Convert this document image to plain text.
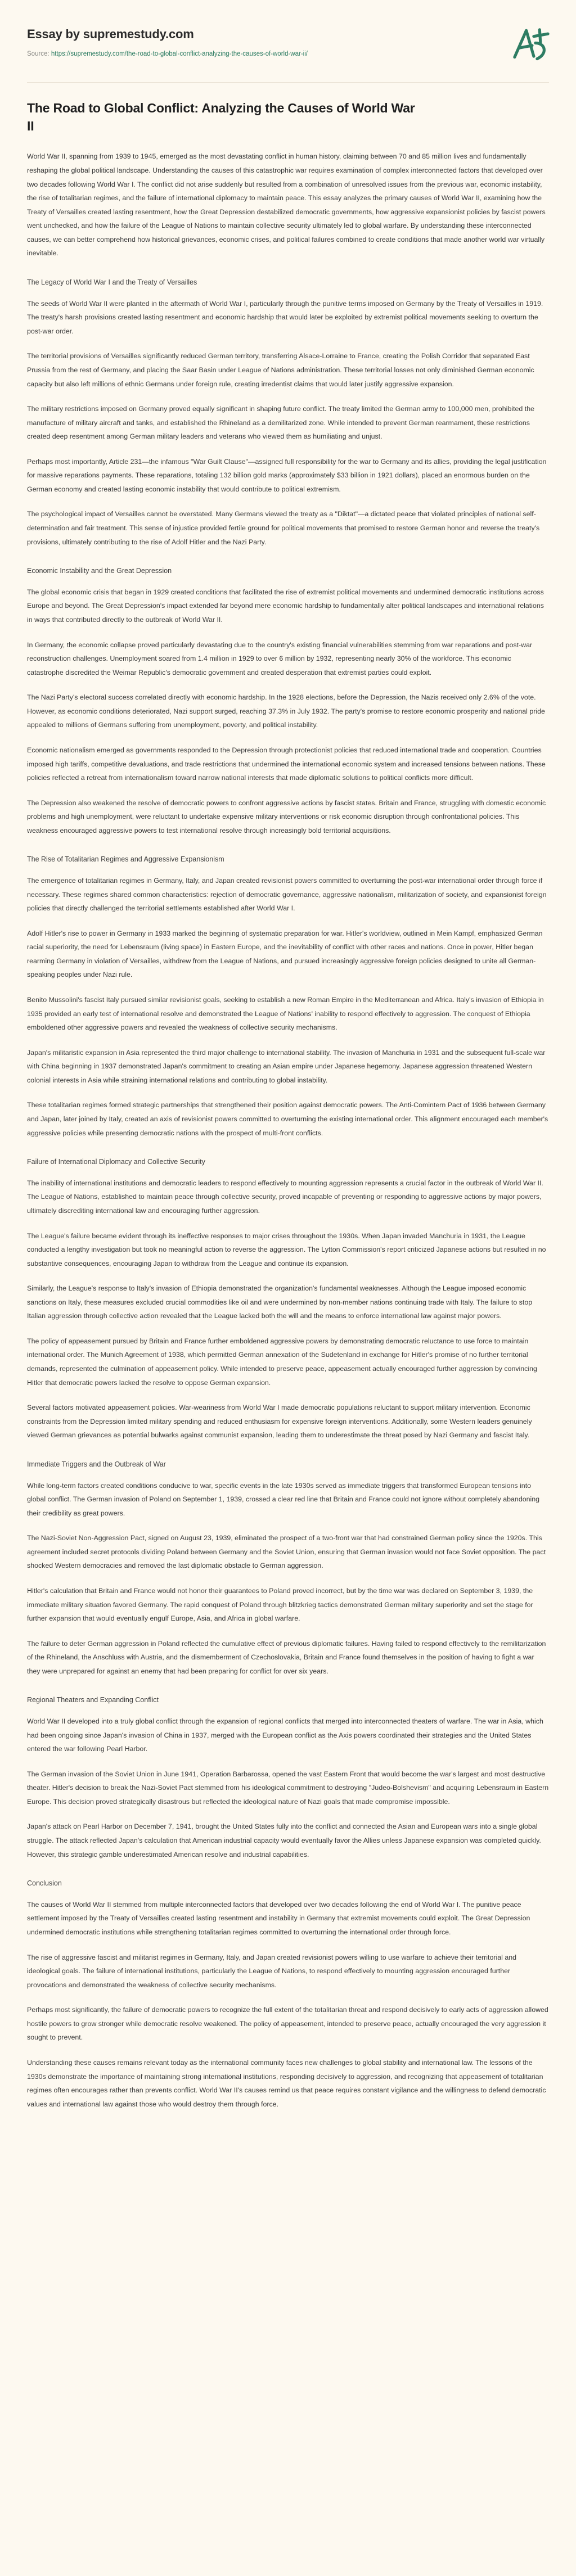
Essay by supremestudy.com
Source: https://supremestudy.com/the-road-to-global-conflict-analyzing-the-causes-of-world-war-ii/
The Road to Global Conflict: Analyzing the Causes of World War II

World War II, spanning from 1939 to 1945, emerged as the most devastating conflict in human history, claiming between 70 and 85 million lives and fundamentally reshaping the global political landscape. Understanding the causes of this catastrophic war requires examination of complex interconnected factors that developed over two decades following World War I. The conflict did not arise suddenly but resulted from a combination of unresolved issues from the previous war, economic instability, the rise of totalitarian regimes, and the failure of international diplomacy to maintain peace. This essay analyzes the primary causes of World War II, examining how the Treaty of Versailles created lasting resentment, how the Great Depression destabilized democratic governments, how aggressive expansionist policies by fascist powers went unchecked, and how the failure of the League of Nations to maintain collective security ultimately led to global warfare. By understanding these interconnected causes, we can better comprehend how historical grievances, economic crises, and political failures combined to create conditions that made another world war virtually inevitable.

The Legacy of World War I and the Treaty of Versailles

The seeds of World War II were planted in the aftermath of World War I, particularly through the punitive terms imposed on Germany by the Treaty of Versailles in 1919. The treaty's harsh provisions created lasting resentment and economic hardship that would later be exploited by extremist political movements seeking to overturn the post-war order.

The territorial provisions of Versailles significantly reduced German territory, transferring Alsace-Lorraine to France, creating the Polish Corridor that separated East Prussia from the rest of Germany, and placing the Saar Basin under League of Nations administration. These territorial losses not only diminished German economic capacity but also left millions of ethnic Germans under foreign rule, creating irredentist claims that would later justify aggressive expansion.

The military restrictions imposed on Germany proved equally significant in shaping future conflict. The treaty limited the German army to 100,000 men, prohibited the manufacture of military aircraft and tanks, and established the Rhineland as a demilitarized zone. While intended to prevent German rearmament, these restrictions created deep resentment among German military leaders and veterans who viewed them as humiliating and unjust.

Perhaps most importantly, Article 231—the infamous "War Guilt Clause"—assigned full responsibility for the war to Germany and its allies, providing the legal justification for massive reparations payments. These reparations, totaling 132 billion gold marks (approximately $33 billion in 1921 dollars), placed an enormous burden on the German economy and created lasting economic instability that would contribute to political extremism.

The psychological impact of Versailles cannot be overstated. Many Germans viewed the treaty as a "Diktat"—a dictated peace that violated principles of national self-determination and fair treatment. This sense of injustice provided fertile ground for political movements that promised to restore German honor and reverse the treaty's provisions, ultimately contributing to the rise of Adolf Hitler and the Nazi Party.

Economic Instability and the Great Depression

The global economic crisis that began in 1929 created conditions that facilitated the rise of extremist political movements and undermined democratic institutions across Europe and beyond. The Great Depression's impact extended far beyond mere economic hardship to fundamentally alter political landscapes and international relations in ways that contributed directly to the outbreak of World War II.

In Germany, the economic collapse proved particularly devastating due to the country's existing financial vulnerabilities stemming from war reparations and post-war reconstruction challenges. Unemployment soared from 1.4 million in 1929 to over 6 million by 1932, representing nearly 30% of the workforce. This economic catastrophe discredited the Weimar Republic's democratic government and created desperation that extremist parties could exploit.

The Nazi Party's electoral success correlated directly with economic hardship. In the 1928 elections, before the Depression, the Nazis received only 2.6% of the vote. However, as economic conditions deteriorated, Nazi support surged, reaching 37.3% in July 1932. The party's promise to restore economic prosperity and national pride appealed to millions of Germans suffering from unemployment, poverty, and political instability.

Economic nationalism emerged as governments responded to the Depression through protectionist policies that reduced international trade and cooperation. Countries imposed high tariffs, competitive devaluations, and trade restrictions that undermined the international economic system and increased tensions between nations. These policies reflected a retreat from internationalism toward narrow national interests that made diplomatic solutions to political conflicts more difficult.

The Depression also weakened the resolve of democratic powers to confront aggressive actions by fascist states. Britain and France, struggling with domestic economic problems and high unemployment, were reluctant to undertake expensive military interventions or risk economic disruption through confrontational policies. This weakness encouraged aggressive powers to test international resolve through increasingly bold territorial acquisitions.

The Rise of Totalitarian Regimes and Aggressive Expansionism

The emergence of totalitarian regimes in Germany, Italy, and Japan created revisionist powers committed to overturning the post-war international order through force if necessary. These regimes shared common characteristics: rejection of democratic governance, aggressive nationalism, militarization of society, and expansionist foreign policies that directly challenged the territorial settlements established after World War I.

Adolf Hitler's rise to power in Germany in 1933 marked the beginning of systematic preparation for war. Hitler's worldview, outlined in Mein Kampf, emphasized German racial superiority, the need for Lebensraum (living space) in Eastern Europe, and the inevitability of conflict with other races and nations. Once in power, Hitler began rearming Germany in violation of Versailles, withdrew from the League of Nations, and pursued increasingly aggressive foreign policies designed to unite all German-speaking peoples under Nazi rule.

Benito Mussolini's fascist Italy pursued similar revisionist goals, seeking to establish a new Roman Empire in the Mediterranean and Africa. Italy's invasion of Ethiopia in 1935 provided an early test of international resolve and demonstrated the League of Nations' inability to respond effectively to aggression. The conquest of Ethiopia emboldened other aggressive powers and revealed the weakness of collective security mechanisms.

Japan's militaristic expansion in Asia represented the third major challenge to international stability. The invasion of Manchuria in 1931 and the subsequent full-scale war with China beginning in 1937 demonstrated Japan's commitment to creating an Asian empire under Japanese hegemony. Japanese aggression threatened Western colonial interests in Asia while straining international relations and contributing to global instability.

These totalitarian regimes formed strategic partnerships that strengthened their position against democratic powers. The Anti-Comintern Pact of 1936 between Germany and Japan, later joined by Italy, created an axis of revisionist powers committed to overturning the existing international order. This alignment encouraged each member's aggressive policies while presenting democratic nations with the prospect of multi-front conflicts.

Failure of International Diplomacy and Collective Security

The inability of international institutions and democratic leaders to respond effectively to mounting aggression represents a crucial factor in the outbreak of World War II. The League of Nations, established to maintain peace through collective security, proved incapable of preventing or responding to aggressive actions by major powers, ultimately discrediting international law and encouraging further aggression.

The League's failure became evident through its ineffective responses to major crises throughout the 1930s. When Japan invaded Manchuria in 1931, the League conducted a lengthy investigation but took no meaningful action to reverse the aggression. The Lytton Commission's report criticized Japanese actions but resulted in no substantive consequences, encouraging Japan to withdraw from the League and continue its expansion.

Similarly, the League's response to Italy's invasion of Ethiopia demonstrated the organization's fundamental weaknesses. Although the League imposed economic sanctions on Italy, these measures excluded crucial commodities like oil and were undermined by non-member nations continuing trade with Italy. The failure to stop Italian aggression through collective action revealed that the League lacked both the will and the means to enforce international law against major powers.

The policy of appeasement pursued by Britain and France further emboldened aggressive powers by demonstrating democratic reluctance to use force to maintain international order. The Munich Agreement of 1938, which permitted German annexation of the Sudetenland in exchange for Hitler's promise of no further territorial demands, represented the culmination of appeasement policy. While intended to preserve peace, appeasement actually encouraged further aggression by convincing Hitler that democratic powers lacked the resolve to oppose German expansion.

Several factors motivated appeasement policies. War-weariness from World War I made democratic populations reluctant to support military intervention. Economic constraints from the Depression limited military spending and reduced enthusiasm for expensive foreign interventions. Additionally, some Western leaders genuinely viewed German grievances as potential bulwarks against communist expansion, leading them to underestimate the threat posed by Nazi Germany and fascist Italy.

Immediate Triggers and the Outbreak of War

While long-term factors created conditions conducive to war, specific events in the late 1930s served as immediate triggers that transformed European tensions into global conflict. The German invasion of Poland on September 1, 1939, crossed a clear red line that Britain and France could not ignore without completely abandoning their credibility as great powers.

The Nazi-Soviet Non-Aggression Pact, signed on August 23, 1939, eliminated the prospect of a two-front war that had constrained German policy since the 1920s. This agreement included secret protocols dividing Poland between Germany and the Soviet Union, ensuring that German invasion would not face Soviet opposition. The pact shocked Western democracies and removed the last diplomatic obstacle to German aggression.

Hitler's calculation that Britain and France would not honor their guarantees to Poland proved incorrect, but by the time war was declared on September 3, 1939, the immediate military situation favored Germany. The rapid conquest of Poland through blitzkrieg tactics demonstrated German military superiority and set the stage for further expansion that would eventually engulf Europe, Asia, and Africa in global warfare.

The failure to deter German aggression in Poland reflected the cumulative effect of previous diplomatic failures. Having failed to respond effectively to the remilitarization of the Rhineland, the Anschluss with Austria, and the dismemberment of Czechoslovakia, Britain and France found themselves in the position of having to fight a war they were unprepared for against an enemy that had been preparing for conflict for over six years.

Regional Theaters and Expanding Conflict

World War II developed into a truly global conflict through the expansion of regional conflicts that merged into interconnected theaters of warfare. The war in Asia, which had been ongoing since Japan's invasion of China in 1937, merged with the European conflict as the Axis powers coordinated their strategies and the United States entered the war following Pearl Harbor.

The German invasion of the Soviet Union in June 1941, Operation Barbarossa, opened the vast Eastern Front that would become the war's largest and most destructive theater. Hitler's decision to break the Nazi-Soviet Pact stemmed from his ideological commitment to destroying "Judeo-Bolshevism" and acquiring Lebensraum in Eastern Europe. This decision proved strategically disastrous but reflected the ideological nature of Nazi goals that made compromise impossible.

Japan's attack on Pearl Harbor on December 7, 1941, brought the United States fully into the conflict and connected the Asian and European wars into a single global struggle. The attack reflected Japan's calculation that American industrial capacity would eventually favor the Allies unless Japanese expansion was completed quickly. However, this strategic gamble underestimated American resolve and industrial capabilities.

Conclusion

The causes of World War II stemmed from multiple interconnected factors that developed over two decades following the end of World War I. The punitive peace settlement imposed by the Treaty of Versailles created lasting resentment and instability in Germany that extremist movements could exploit. The Great Depression undermined democratic institutions while strengthening totalitarian regimes committed to overturning the international order through force.

The rise of aggressive fascist and militarist regimes in Germany, Italy, and Japan created revisionist powers willing to use warfare to achieve their territorial and ideological goals. The failure of international institutions, particularly the League of Nations, to respond effectively to mounting aggression encouraged further provocations and demonstrated the weakness of collective security mechanisms.

Perhaps most significantly, the failure of democratic powers to recognize the full extent of the totalitarian threat and respond decisively to early acts of aggression allowed hostile powers to grow stronger while democratic resolve weakened. The policy of appeasement, intended to preserve peace, actually encouraged the very aggression it sought to prevent.

Understanding these causes remains relevant today as the international community faces new challenges to global stability and international law. The lessons of the 1930s demonstrate the importance of maintaining strong international institutions, responding decisively to aggression, and recognizing that appeasement of totalitarian regimes often encourages rather than prevents conflict. World War II's causes remind us that peace requires constant vigilance and the willingness to defend democratic values and international law against those who would destroy them through force.
